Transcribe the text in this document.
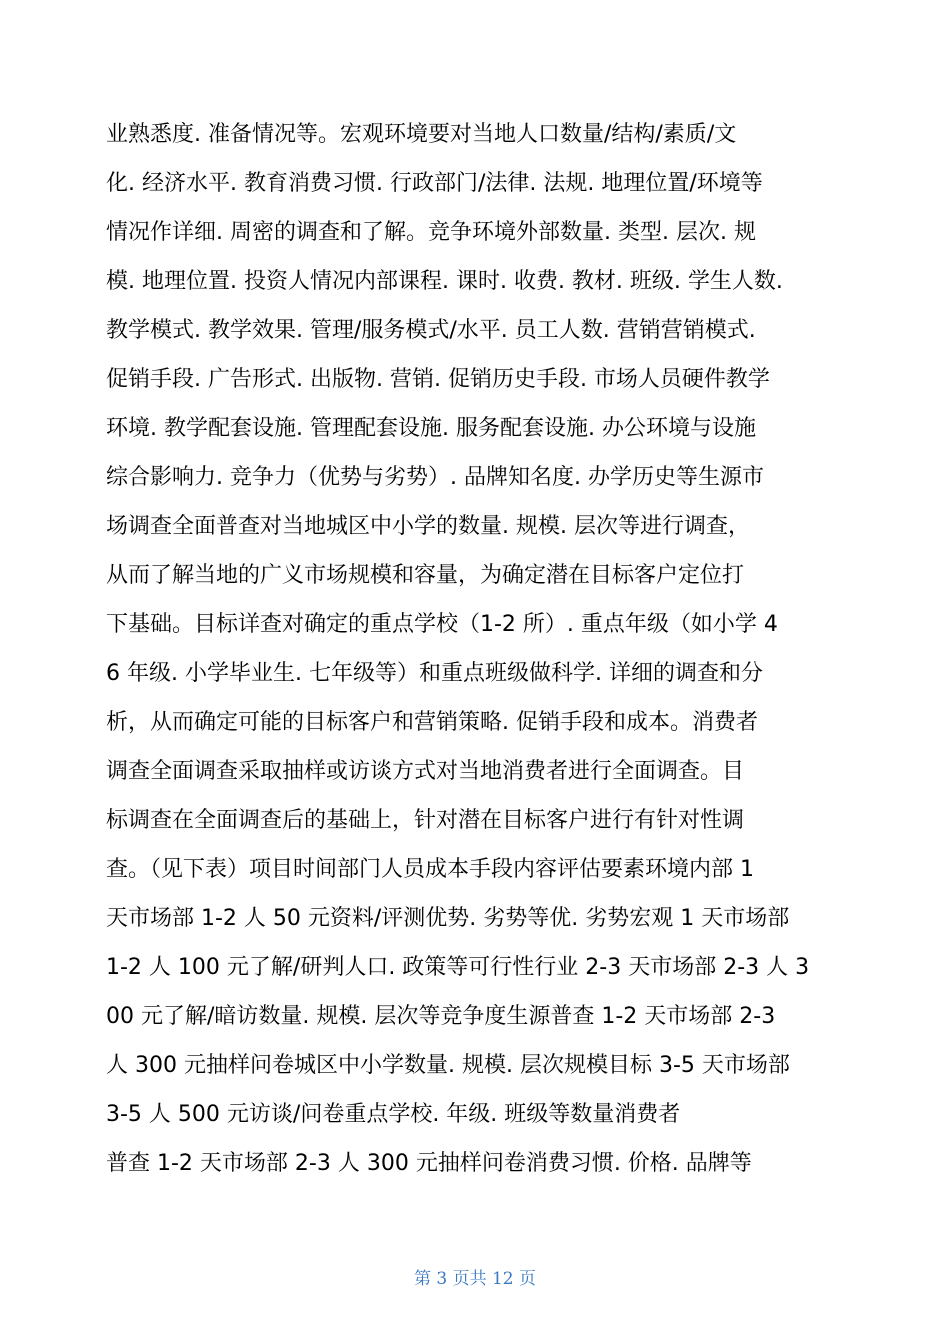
业熟悉度. 准备情况等。宏观环境要对当地人口数量/结构/素质/文
化. 经济水平. 教育消费习惯. 行政部门/法律. 法规. 地理位置/环境等
情况作详细. 周密的调查和了解。竞争环境外部数量. 类型. 层次. 规
模. 地理位置. 投资人情况内部课程. 课时. 收费. 教材. 班级. 学生人数.
教学模式. 教学效果. 管理/服务模式/水平. 员工人数. 营销营销模式.
促销手段. 广告形式. 出版物. 营销. 促销历史手段. 市场人员硬件教学
环境. 教学配套设施. 管理配套设施. 服务配套设施. 办公环境与设施
综合影响力. 竞争力（优势与劣势）. 品牌知名度. 办学历史等生源市
场调查全面普查对当地城区中小学的数量. 规模. 层次等进行调查，
从而了解当地的广义市场规模和容量，为确定潜在目标客户定位打
下基础。目标详查对确定的重点学校（1-2 所）. 重点年级（如小学 4
6 年级. 小学毕业生. 七年级等）和重点班级做科学. 详细的调查和分
析，从而确定可能的目标客户和营销策略. 促销手段和成本。消费者
调查全面调查采取抽样或访谈方式对当地消费者进行全面调查。目
标调查在全面调查后的基础上，针对潜在目标客户进行有针对性调
查。（见下表）项目时间部门人员成本手段内容评估要素环境内部 1
天市场部 1-2 人 50 元资料/评测优势. 劣势等优. 劣势宏观 1 天市场部
1-2 人 100 元了解/研判人口. 政策等可行性行业 2-3 天市场部 2-3 人 3
00 元了解/暗访数量. 规模. 层次等竞争度生源普查 1-2 天市场部 2-3
人 300 元抽样问卷城区中小学数量. 规模. 层次规模目标 3-5 天市场部
3-5 人 500 元访谈/问卷重点学校. 年级. 班级等数量消费者
普查 1-2 天市场部 2-3 人 300 元抽样问卷消费习惯. 价格. 品牌等
第 3 页共 12 页
